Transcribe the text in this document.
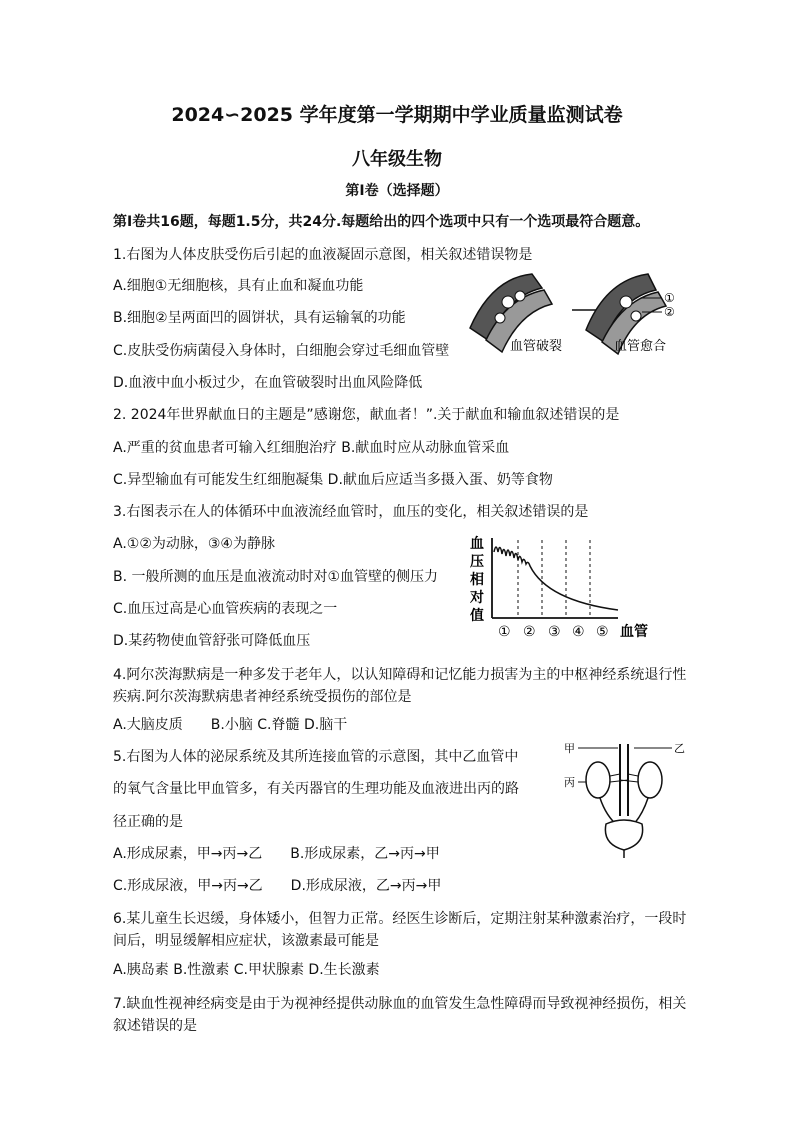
2024∽2025 学年度第一学期期中学业质量监测试卷
八年级生物
第Ⅰ卷（选择题）
第Ⅰ卷共16题，每题1.5分，共24分.每题给出的四个选项中只有一个选项最符合题意。
1.右图为人体皮肤受伤后引起的血液凝固示意图，相关叙述错误物是
A.细胞①无细胞核，具有止血和凝血功能
B.细胞②呈两面凹的圆饼状，具有运输氧的功能
C.皮肤受伤病菌侵入身体时，白细胞会穿过毛细血管壁
D.血液中血小板过少，在血管破裂时出血风险降低
①
②
血管破裂	血管愈合
2. 2024年世界献血日的主题是”感谢您，献血者！”.关于献血和输血叙述错误的是
A.严重的贫血患者可输入红细胞治疗 B.献血时应从动脉血管采血
C.异型输血有可能发生红细胞凝集 D.献血后应适当多摄入蛋、奶等食物
3.右图表示在人的体循环中血液流经血管时，血压的变化，相关叙述错误的是
A.①②为动脉，③④为静脉
B. 一般所测的血压是血液流动时对①血管壁的侧压力
C.血压过高是心血管疾病的表现之一
D.某药物使血管舒张可降低血压
血
压
相
对
值
① ② ③ ④ ⑤ 血管
4.阿尔茨海默病是一种多发于老年人，以认知障碍和记忆能力损害为主的中枢神经系统退行性疾病.阿尔茨海默病患者神经系统受损伤的部位是
A.大脑皮质　　B.小脑 C.脊髓 D.脑干
5.右图为人体的泌尿系统及其所连接血管的示意图，其中乙血管中
的氧气含量比甲血管多，有关丙器官的生理功能及血液进出丙的路
径正确的是
A.形成尿素，甲→丙→乙　　B.形成尿素，乙→丙→甲
C.形成尿液，甲→丙→乙　　D.形成尿液，乙→丙→甲
甲	乙
丙
6.某儿童生长迟缓，身体矮小，但智力正常。经医生诊断后，定期注射某种激素治疗，一段时间后，明显缓解相应症状，该激素最可能是
A.胰岛素 B.性激素 C.甲状腺素 D.生长激素
7.缺血性视神经病变是由于为视神经提供动脉血的血管发生急性障碍而导致视神经损伤，相关叙述错误的是
